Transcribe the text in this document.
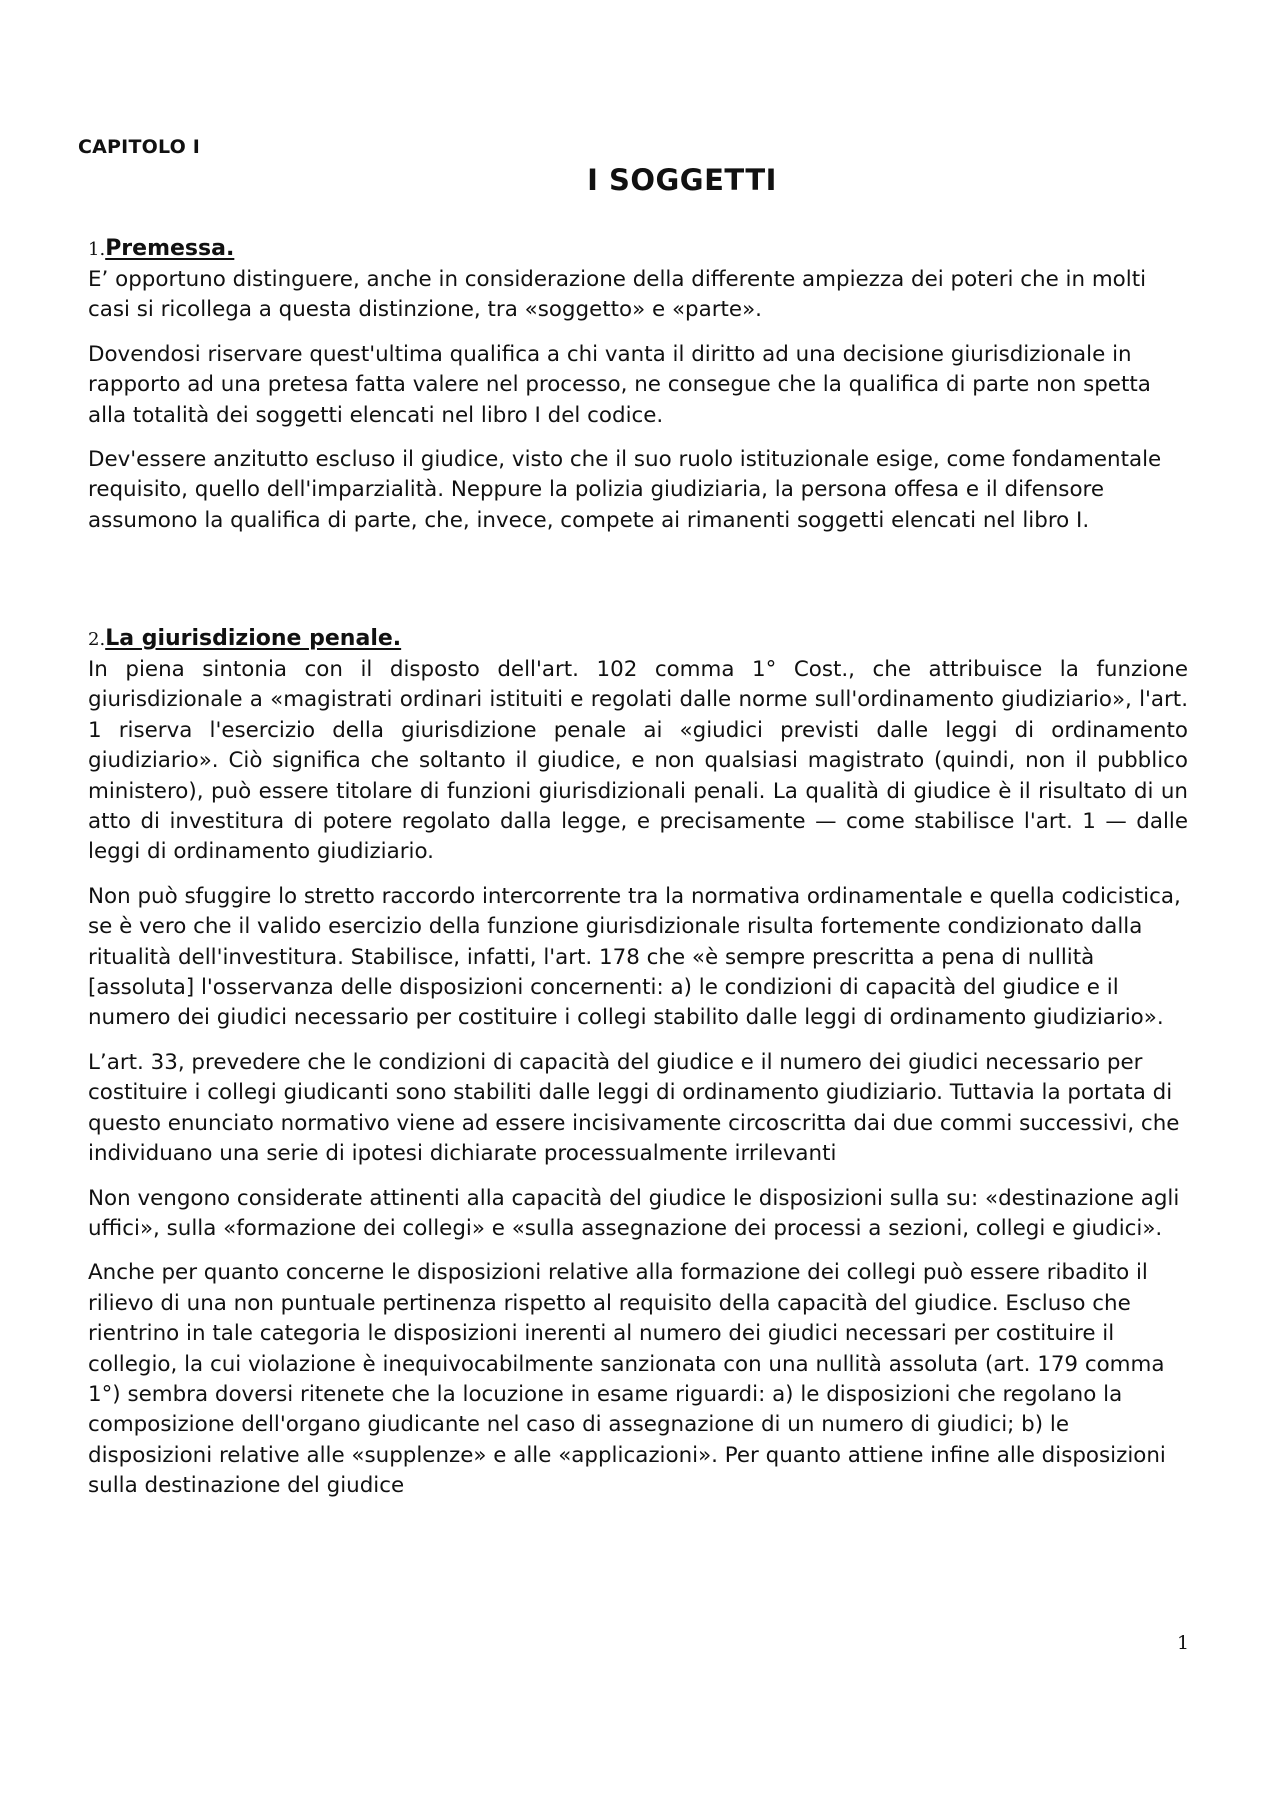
CAPITOLO I
I SOGGETTI
1.Premessa.

E’ opportuno distinguere, anche in considerazione della differente ampiezza dei poteri che in molti casi si ricollega a questa distinzione, tra «soggetto» e «parte».

Dovendosi riservare quest'ultima qualifica a chi vanta il diritto ad una decisione giurisdizionale in rapporto ad una pretesa fatta valere nel processo, ne consegue che la qualifica di parte non spetta alla totalità dei soggetti elencati nel libro I del codice.

Dev'essere anzitutto escluso il giudice, visto che il suo ruolo istituzionale esige, come fondamentale requisito, quello dell'imparzialità. Neppure la polizia giudiziaria, la persona offesa e il difensore assumono la qualifica di parte, che, invece, compete ai rimanenti soggetti elencati nel libro I.

2.La giurisdizione penale.

In piena sintonia con il disposto dell'art. 102 comma 1° Cost., che attribuisce la funzione giurisdizionale a «magistrati ordinari istituiti e regolati dalle norme sull'ordinamento giudiziario», l'art. 1 riserva l'esercizio della giurisdizione penale ai «giudici previsti dalle leggi di ordinamento giudiziario». Ciò significa che soltanto il giudice, e non qualsiasi magistrato (quindi, non il pubblico ministero), può essere titolare di funzioni giurisdizionali penali. La qualità di giudice è il risultato di un atto di investitura di potere regolato dalla legge, e precisamente — come stabilisce l'art. 1 — dalle leggi di ordinamento giudiziario.

Non può sfuggire lo stretto raccordo intercorrente tra la normativa ordinamentale e quella codicistica, se è vero che il valido esercizio della funzione giurisdizionale risulta fortemente condizionato dalla ritualità dell'investitura. Stabilisce, infatti, l'art. 178 che «è sempre prescritta a pena di nullità [assoluta] l'osservanza delle disposizioni concernenti: a) le condizioni di capacità del giudice e il numero dei giudici necessario per costituire i collegi stabilito dalle leggi di ordinamento giudiziario».

L’art. 33, prevedere che le condizioni di capacità del giudice e il numero dei giudici necessario per costituire i collegi giudicanti sono stabiliti dalle leggi di ordinamento giudiziario. Tuttavia la portata di questo enunciato normativo viene ad essere incisivamente circoscritta dai due commi successivi, che individuano una serie di ipotesi dichiarate processualmente irrilevanti

Non vengono considerate attinenti alla capacità del giudice le disposizioni sulla su: «destinazione agli uffici», sulla «formazione dei collegi» e «sulla assegnazione dei processi a sezioni, collegi e giudici».

Anche per quanto concerne le disposizioni relative alla formazione dei collegi può essere ribadito il rilievo di una non puntuale pertinenza rispetto al requisito della capacità del giudice. Escluso che rientrino in tale categoria le disposizioni inerenti al numero dei giudici necessari per costituire il collegio, la cui violazione è inequivocabilmente sanzionata con una nullità assoluta (art. 179 comma 1°) sembra doversi ritenete che la locuzione in esame riguardi: a) le disposizioni che regolano la composizione dell'organo giudicante nel caso di assegnazione di un numero di giudici; b) le disposizioni relative alle «supplenze» e alle «applicazioni». Per quanto attiene infine alle disposizioni sulla destinazione del giudice

1
